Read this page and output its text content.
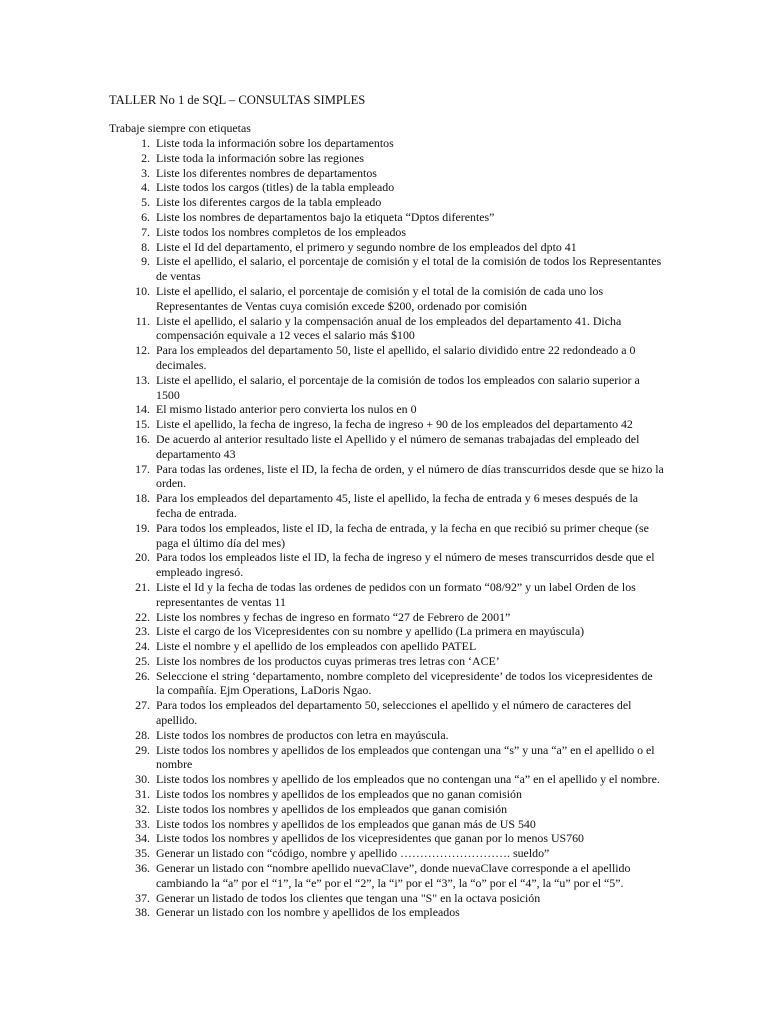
TALLER No 1 de SQL – CONSULTAS SIMPLES
Trabaje siempre con etiquetas
1. Liste toda la información sobre los departamentos
2. Liste toda la información sobre las regiones
3. Liste los diferentes nombres de departamentos
4. Liste todos los cargos (titles) de la tabla empleado
5. Liste los diferentes cargos de la tabla empleado
6. Liste los nombres de departamentos bajo la etiqueta “Dptos diferentes”
7. Liste todos los nombres completos de los empleados
8. Liste el Id del departamento, el primero y segundo nombre de los empleados del dpto 41
9. Liste el apellido, el salario, el porcentaje de comisión y el total de la comisión de todos los Representantes de ventas
10. Liste el apellido, el salario, el porcentaje de comisión y el total de la comisión de cada uno los Representantes de Ventas cuya comisión excede $200, ordenado por comisión
11. Liste el apellido, el salario y la compensación anual de los empleados del departamento 41. Dicha compensación equivale a 12 veces el salario más $100
12. Para los empleados del departamento 50, liste el apellido, el salario dividido entre 22 redondeado a 0 decimales.
13. Liste el apellido, el salario, el porcentaje de la comisión de todos los empleados con salario superior a 1500
14. El mismo listado anterior pero convierta los nulos en 0
15. Liste el apellido, la fecha de ingreso, la fecha de ingreso + 90 de los empleados del departamento 42
16. De acuerdo al anterior resultado liste el Apellido y el número de semanas trabajadas del empleado del departamento 43
17. Para todas las ordenes, liste el ID, la fecha de orden, y el número de días transcurridos desde que se hizo la orden.
18. Para los empleados del departamento 45, liste el apellido, la fecha de entrada y 6 meses después de la fecha de entrada.
19. Para todos los empleados, liste el ID, la fecha de entrada, y la fecha en que recibió su primer cheque (se paga el último día del mes)
20. Para todos los empleados liste el ID, la fecha de ingreso y el número de meses transcurridos desde que el empleado ingresó.
21. Liste el Id y la fecha de todas las ordenes de pedidos con un formato “08/92” y un label Orden de los representantes de ventas 11
22. Liste los nombres y fechas de ingreso en formato “27 de Febrero de 2001”
23. Liste el cargo de los Vicepresidentes con su nombre y apellido (La primera en mayúscula)
24. Liste el nombre y el apellido de los empleados con apellido PATEL
25. Liste los nombres de los productos cuyas primeras tres letras con ‘ACE’
26. Seleccione el string ‘departamento, nombre completo del vicepresidente’ de todos los vicepresidentes de la compañía. Ejm Operations, LaDoris Ngao.
27. Para todos los empleados del departamento 50, selecciones el apellido y el número de caracteres del apellido.
28. Liste todos los nombres de productos con letra en mayúscula.
29. Liste todos los nombres y apellidos de los empleados que contengan una “s” y una “a” en el apellido o el nombre
30. Liste todos los nombres y apellido de los empleados que no contengan una “a” en el apellido y el nombre.
31. Liste todos los nombres y apellidos de los empleados que no ganan comisión
32. Liste todos los nombres y apellidos de los empleados que ganan comisión
33. Liste todos los nombres y apellidos de los empleados que ganan más de US 540
34. Liste todos los nombres y apellidos de los vicepresidentes que ganan por lo menos US760
35. Generar un listado con “código, nombre y apellido ………………………. sueldo”
36. Generar un listado con “nombre apellido nuevaClave”, donde nuevaClave corresponde a el apellido cambiando la “a” por el “1”, la “e” por el “2”, la “i” por el “3”, la “o” por el “4”, la “u” por el “5”.
37. Generar un listado de todos los clientes que tengan una "S" en la octava posición
38. Generar un listado con los nombre y apellidos de los empleados
